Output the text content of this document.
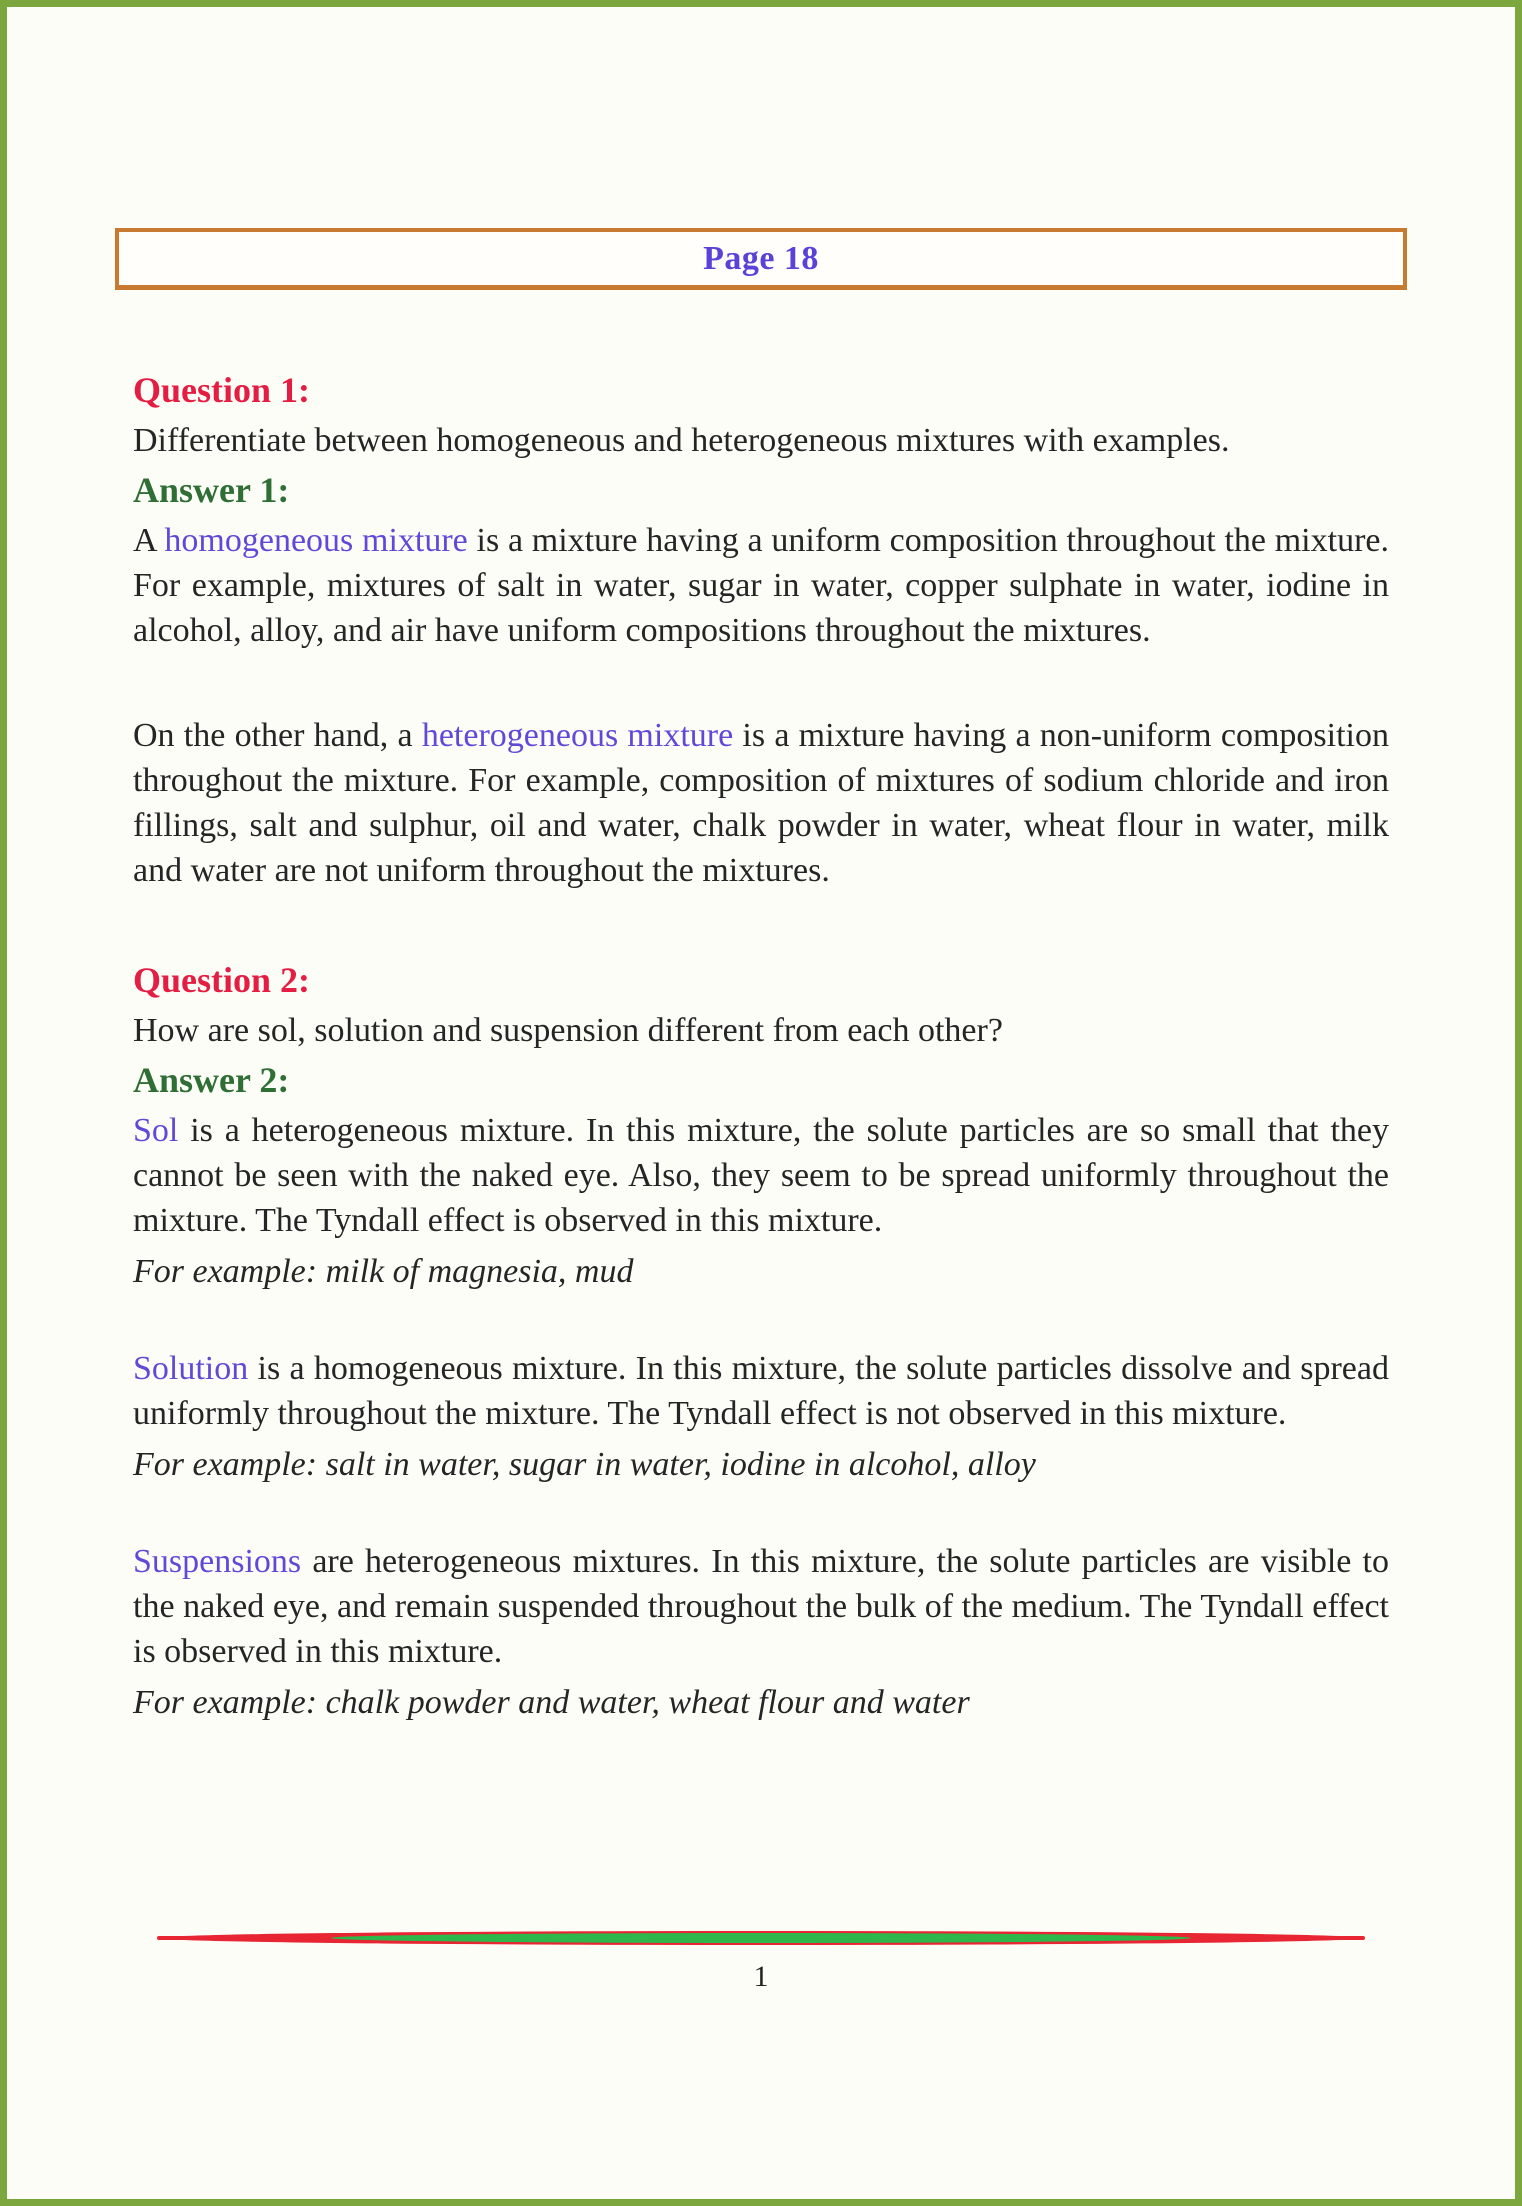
Page 18
Question 1:
Differentiate between homogeneous and heterogeneous mixtures with examples.
Answer 1:

A homogeneous mixture is a mixture having a uniform composition throughout the mixture. For example, mixtures of salt in water, sugar in water, copper sulphate in water, iodine in alcohol, alloy, and air have uniform compositions throughout the mixtures.

On the other hand, a heterogeneous mixture is a mixture having a non-uniform composition throughout the mixture. For example, composition of mixtures of sodium chloride and iron fillings, salt and sulphur, oil and water, chalk powder in water, wheat flour in water, milk and water are not uniform throughout the mixtures.

Question 2:
How are sol, solution and suspension different from each other?
Answer 2:

Sol is a heterogeneous mixture. In this mixture, the solute particles are so small that they cannot be seen with the naked eye. Also, they seem to be spread uniformly throughout the mixture. The Tyndall effect is observed in this mixture.

For example: milk of magnesia, mud

Solution is a homogeneous mixture. In this mixture, the solute particles dissolve and spread uniformly throughout the mixture. The Tyndall effect is not observed in this mixture.

For example: salt in water, sugar in water, iodine in alcohol, alloy

Suspensions are heterogeneous mixtures. In this mixture, the solute particles are visible to the naked eye, and remain suspended throughout the bulk of the medium. The Tyndall effect is observed in this mixture.

For example: chalk powder and water, wheat flour and water

1
